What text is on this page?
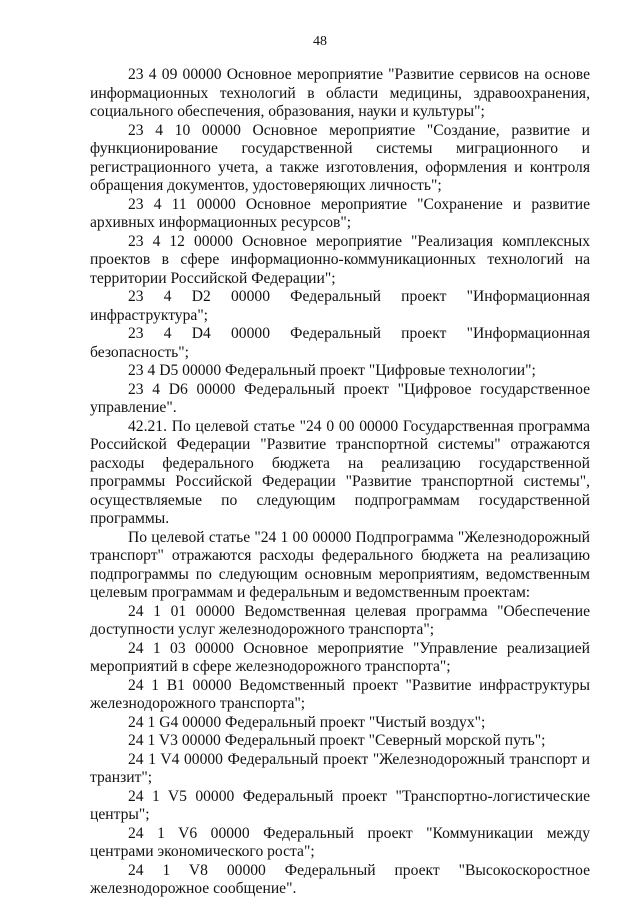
48

23 4 09 00000 Основное мероприятие "Развитие сервисов на основе информационных технологий в области медицины, здравоохранения, социального обеспечения, образования, науки и культуры";

23 4 10 00000 Основное мероприятие "Создание, развитие и функционирование государственной системы миграционного и регистрационного учета, а также изготовления, оформления и контроля обращения документов, удостоверяющих личность";

23 4 11 00000 Основное мероприятие "Сохранение и развитие архивных информационных ресурсов";

23 4 12 00000 Основное мероприятие "Реализация комплексных проектов в сфере информационно-коммуникационных технологий на территории Российской Федерации";

23 4 D2 00000 Федеральный проект "Информационная инфраструктура";

23 4 D4 00000 Федеральный проект "Информационная безопасность";

23 4 D5 00000 Федеральный проект "Цифровые технологии";

23 4 D6 00000 Федеральный проект "Цифровое государственное управление".

42.21. По целевой статье "24 0 00 00000 Государственная программа Российской Федерации "Развитие транспортной системы" отражаются расходы федерального бюджета на реализацию государственной программы Российской Федерации "Развитие транспортной системы", осуществляемые по следующим подпрограммам государственной программы.

По целевой статье "24 1 00 00000 Подпрограмма "Железнодорожный транспорт" отражаются расходы федерального бюджета на реализацию подпрограммы по следующим основным мероприятиям, ведомственным целевым программам и федеральным и ведомственным проектам:

24 1 01 00000 Ведомственная целевая программа "Обеспечение доступности услуг железнодорожного транспорта";

24 1 03 00000 Основное мероприятие "Управление реализацией мероприятий в сфере железнодорожного транспорта";

24 1 B1 00000 Ведомственный проект "Развитие инфраструктуры железнодорожного транспорта";

24 1 G4 00000 Федеральный проект "Чистый воздух";

24 1 V3 00000 Федеральный проект "Северный морской путь";

24 1 V4 00000 Федеральный проект "Железнодорожный транспорт и транзит";

24 1 V5 00000 Федеральный проект "Транспортно-логистические центры";

24 1 V6 00000 Федеральный проект "Коммуникации между центрами экономического роста";

24 1 V8 00000 Федеральный проект "Высокоскоростное железнодорожное сообщение".
